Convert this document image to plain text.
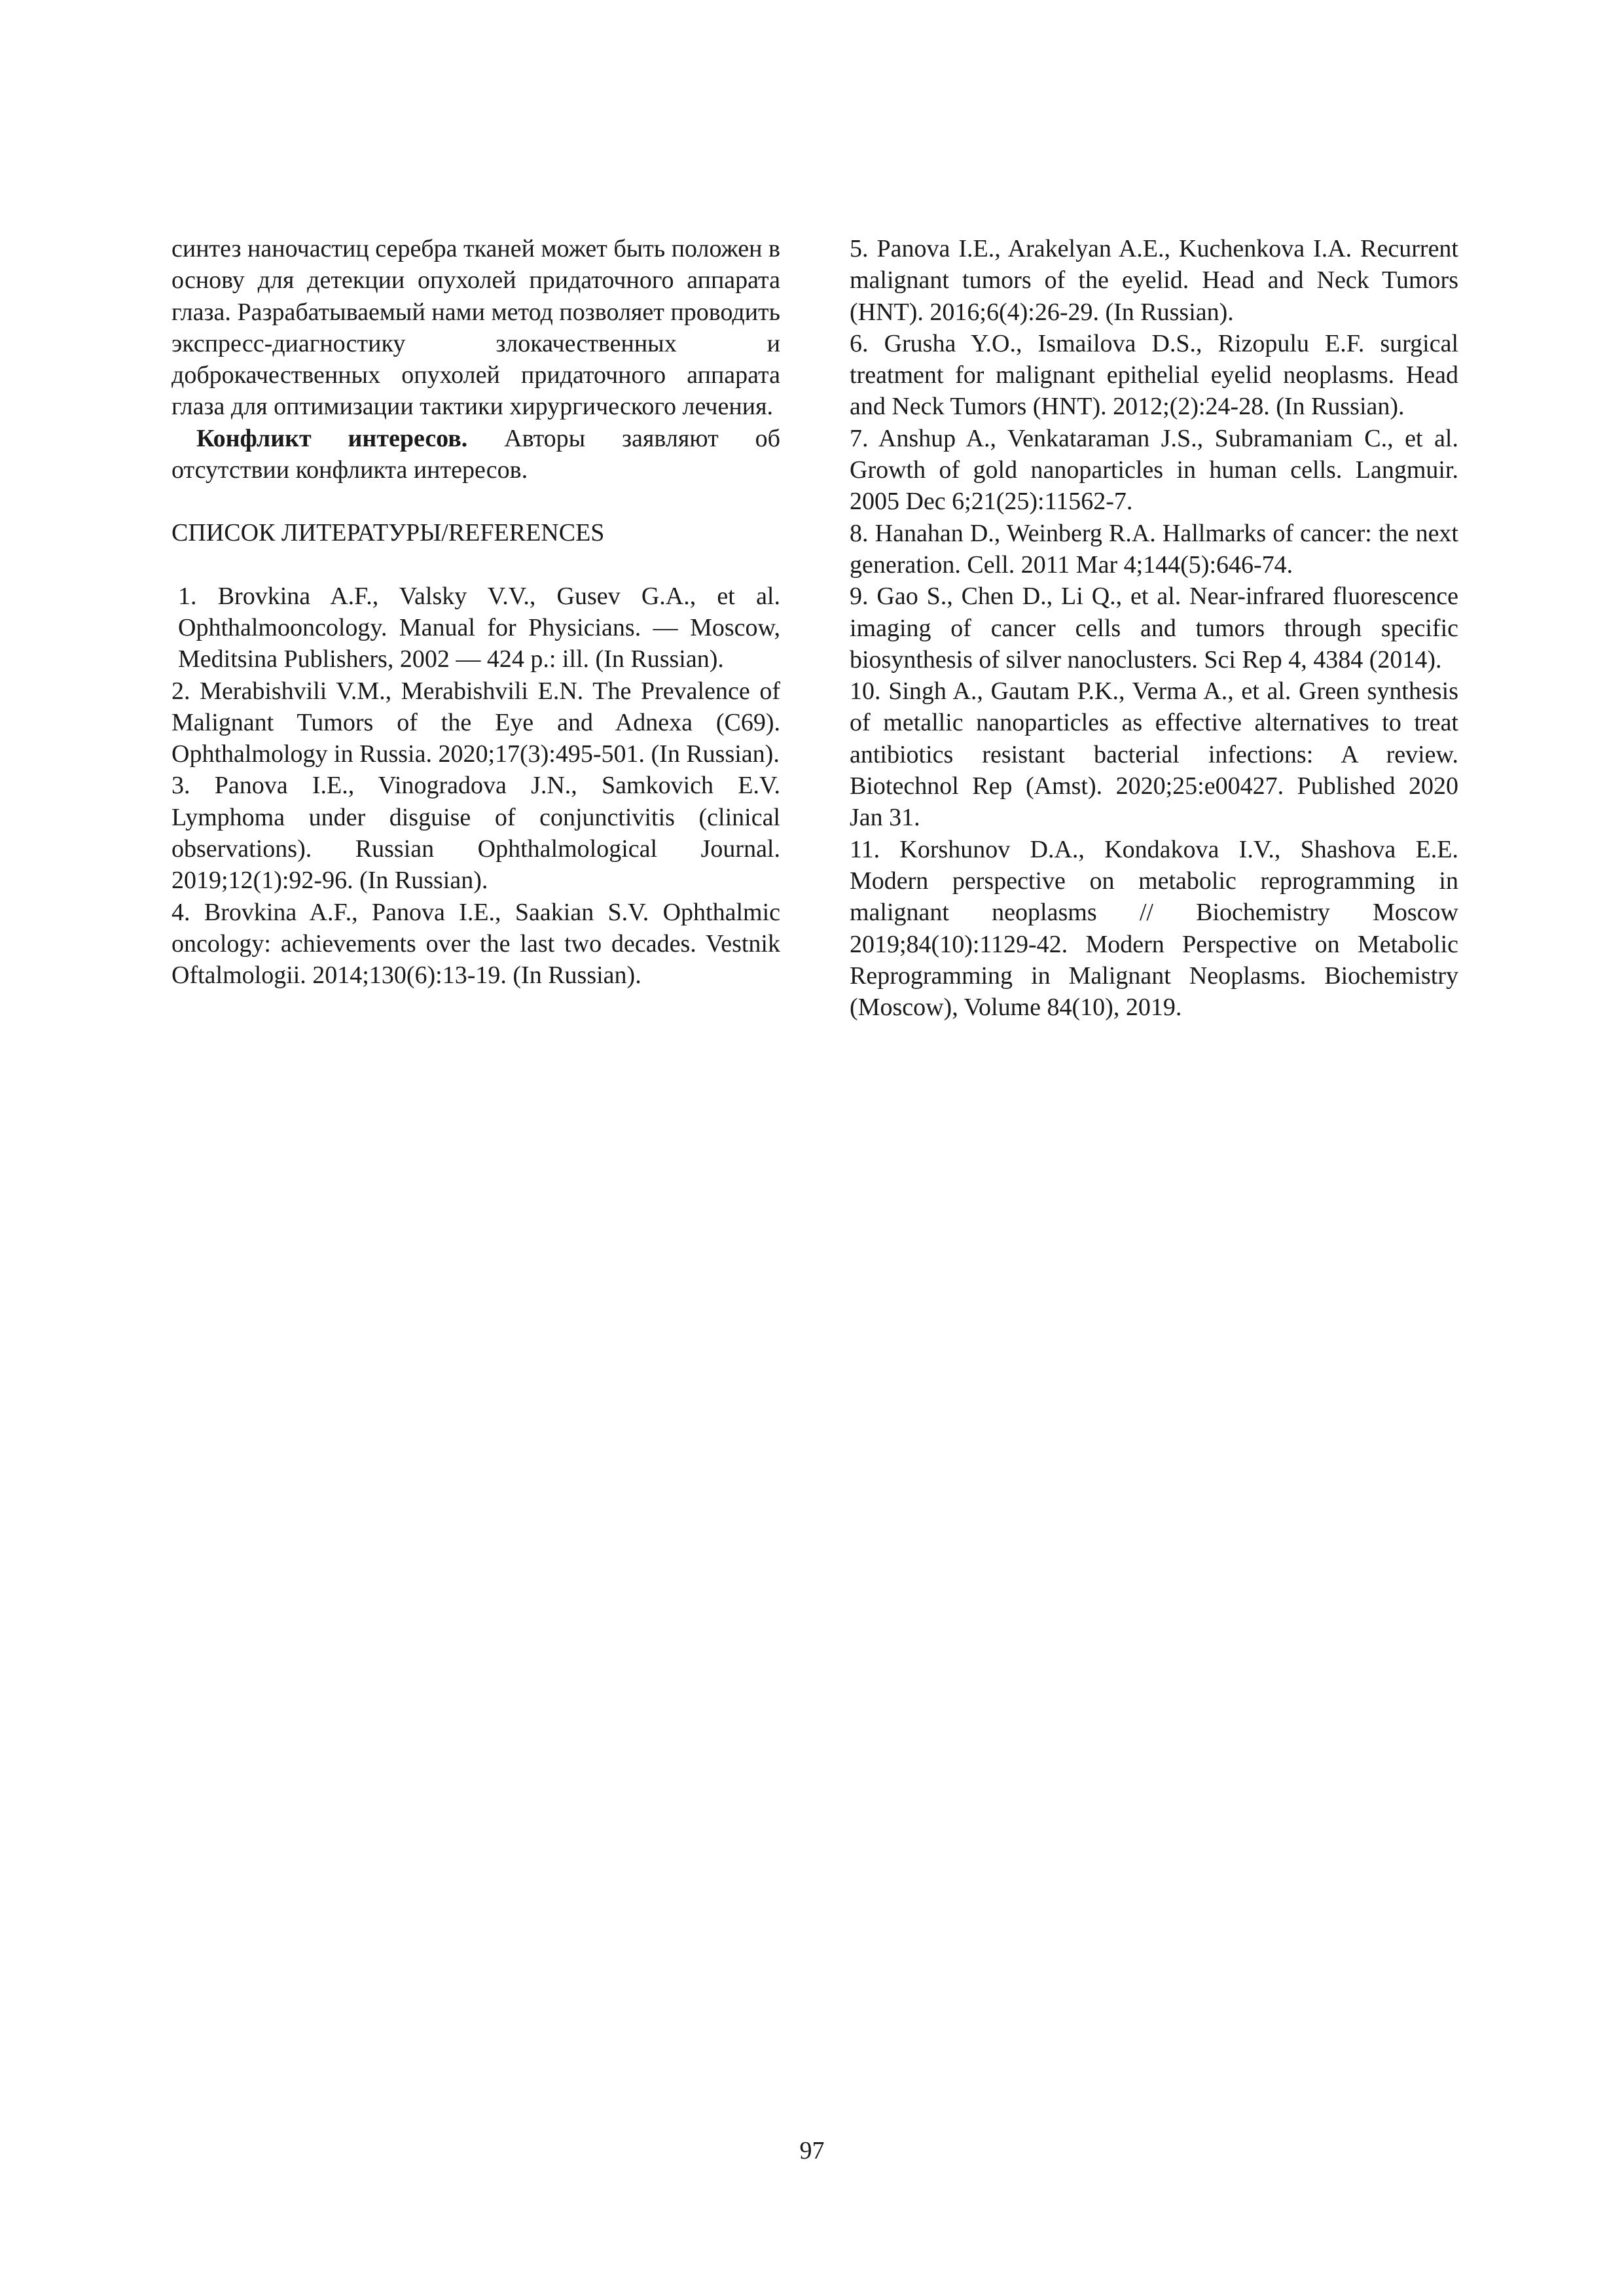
синтез наночастиц серебра тканей может быть положен в основу для детекции опухолей придаточного аппарата глаза. Разрабатываемый нами метод позволяет проводить экспресс-диагностику злокачественных и доброкачественных опухолей придаточного аппарата глаза для оптимизации тактики хирургического лечения.

Конфликт интересов. Авторы заявляют об отсутствии конфликта интересов.

СПИСОК ЛИТЕРАТУРЫ/REFERENCES

1. Brovkina A.F., Valsky V.V., Gusev G.A., et al. Ophthalmooncology. Manual for Physicians. — Moscow, Meditsina Publishers, 2002 — 424 p.: ill. (In Russian).

2. Merabishvili V.M., Merabishvili E.N. The Prevalence of Malignant Tumors of the Eye and Adnexa (C69). Ophthalmology in Russia. 2020;17(3):495-501. (In Russian).

3. Panova I.E., Vinogradova J.N., Samkovich E.V. Lymphoma under disguise of conjunctivitis (clinical observations). Russian Ophthalmological Journal. 2019;12(1):92-96. (In Russian).

4. Brovkina A.F., Panova I.E., Saakian S.V. Ophthalmic oncology: achievements over the last two decades. Vestnik Oftalmologii. 2014;130(6):13-19. (In Russian).

5. Panova I.E., Arakelyan A.E., Kuchenkova I.A. Recurrent malignant tumors of the eyelid. Head and Neck Tumors (HNT). 2016;6(4):26-29. (In Russian).

6. Grusha Y.O., Ismailova D.S., Rizopulu E.F. surgical treatment for malignant epithelial eyelid neoplasms. Head and Neck Tumors (HNT). 2012;(2):24-28. (In Russian).

7. Anshup A., Venkataraman J.S., Subramaniam C., et al. Growth of gold nanoparticles in human cells. Langmuir. 2005 Dec 6;21(25):11562-7.

8. Hanahan D., Weinberg R.A. Hallmarks of cancer: the next generation. Cell. 2011 Mar 4;144(5):646-74.

9. Gao S., Chen D., Li Q., et al. Near-infrared fluorescence imaging of cancer cells and tumors through specific biosynthesis of silver nanoclusters. Sci Rep 4, 4384 (2014).

10. Singh A., Gautam P.K., Verma A., et al. Green synthesis of metallic nanoparticles as effective alternatives to treat antibiotics resistant bacterial infections: A review. Biotechnol Rep (Amst). 2020;25:e00427. Published 2020 Jan 31.

11. Korshunov D.A., Kondakova I.V., Shashova E.E. Modern perspective on metabolic reprogramming in malignant neoplasms // Biochemistry Moscow 2019;84(10):1129-42. Modern Perspective on Metabolic Reprogramming in Malignant Neoplasms. Biochemistry (Moscow), Volume 84(10), 2019.

97
